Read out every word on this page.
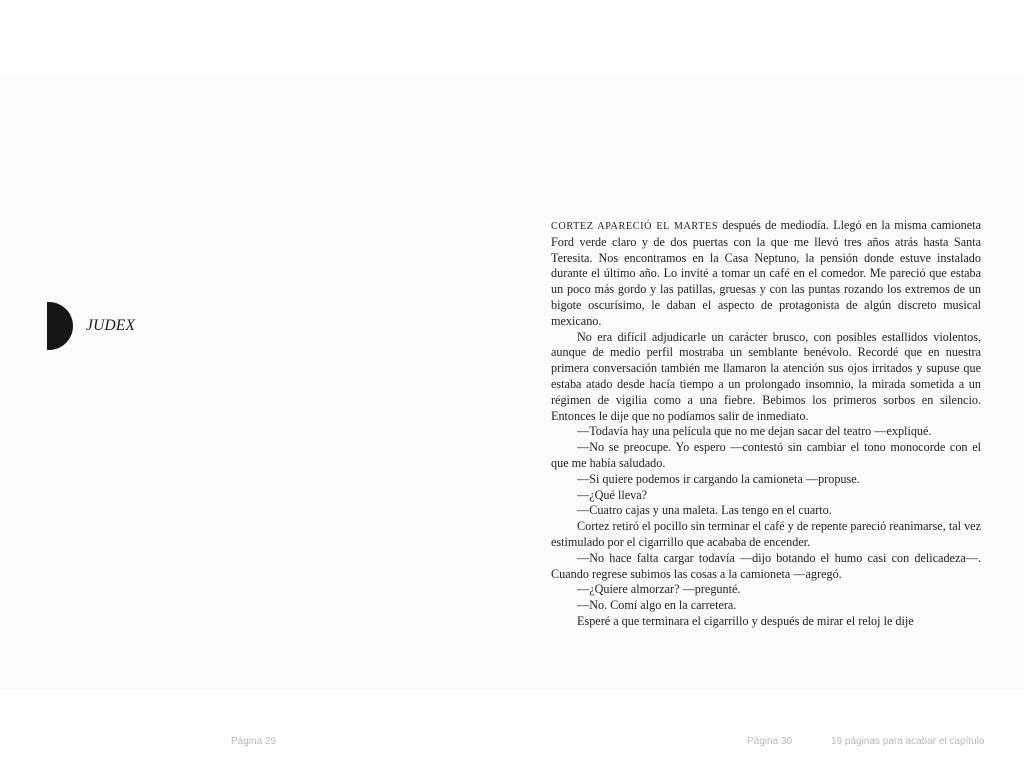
JUDEX

CORTEZ APARECIÓ EL MARTES después de mediodía. Llegó en la misma camioneta Ford verde claro y de dos puertas con la que me llevó tres años atrás hasta Santa Teresita. Nos encontramos en la Casa Neptuno, la pensión donde estuve instalado durante el último año. Lo invité a tomar un café en el comedor. Me pareció que estaba un poco más gordo y las patillas, gruesas y con las puntas rozando los extremos de un bigote oscurísimo, le daban el aspecto de protagonista de algún discreto musical mexicano.

No era difícil adjudicarle un carácter brusco, con posibles estallidos violentos, aunque de medio perfil mostraba un semblante benévolo. Recordé que en nuestra primera conversación también me llamaron la atención sus ojos irritados y supuse que estaba atado desde hacía tiempo a un prolongado insomnio, la mirada sometida a un régimen de vigilia como a una fiebre. Bebimos los primeros sorbos en silencio. Entonces le dije que no podíamos salir de inmediato.

—Todavía hay una película que no me dejan sacar del teatro —expliqué.

—No se preocupe. Yo espero —contestó sin cambiar el tono monocorde con el que me había saludado.

—Si quiere podemos ir cargando la camioneta —propuse.

—¿Qué lleva?

—Cuatro cajas y una maleta. Las tengo en el cuarto.

Cortez retiró el pocillo sin terminar el café y de repente pareció reanimarse, tal vez estimulado por el cigarrillo que acababa de encender.

—No hace falta cargar todavía —dijo botando el humo casi con delicadeza—. Cuando regrese subimos las cosas a la camioneta —agregó.

—¿Quiere almorzar? —pregunté.

—No. Comí algo en la carretera.

Esperé a que terminara el cigarrillo y después de mirar el reloj le dije

Página 29	Página 30	19 páginas para acabar el capítulo
